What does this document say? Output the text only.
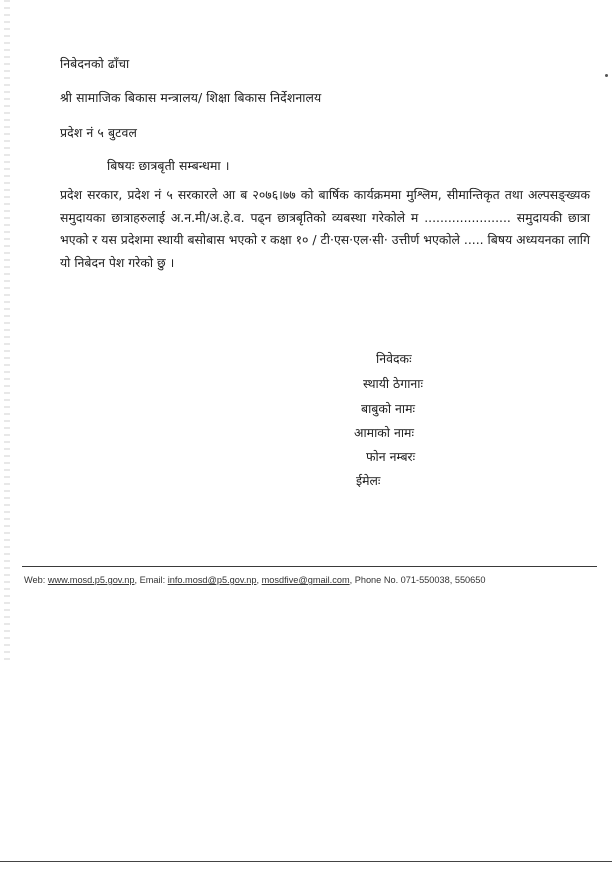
निबेदनको ढाँचा
श्री सामाजिक बिकास मन्त्रालय/ शिक्षा बिकास निर्देशनालय
प्रदेश नं ५ बुटवल
बिषयः छात्रबृती सम्बन्धमा ।
प्रदेश सरकार, प्रदेश नं ५ सरकारले आ ब २०७६।७७ को बार्षिक कार्यक्रममा मुश्लिम, सीमान्तिकृत तथा अल्पसङ्ख्यक समुदायका छात्राहरुलाई अ.न.मी/अ.हे.व. पढ्न छात्रबृतिको व्यबस्था गरेकोले म ...................... समुदायकी छात्रा भएको र यस प्रदेशमा स्थायी बसोबास भएको र कक्षा १० / टी·एस·एल·सी· उत्तीर्ण भएकोले ..... बिषय अध्ययनका लागि यो निबेदन पेश गरेको छु ।
निवेदकः
स्थायी ठेगानाः
बाबुको नामः
आमाको नामः
फोन नम्बरः
ईमेलः
Web: www.mosd.p5.gov.np, Email: info.mosd@p5.gov.np, mosdfive@gmail.com, Phone No. 071-550038, 550650
